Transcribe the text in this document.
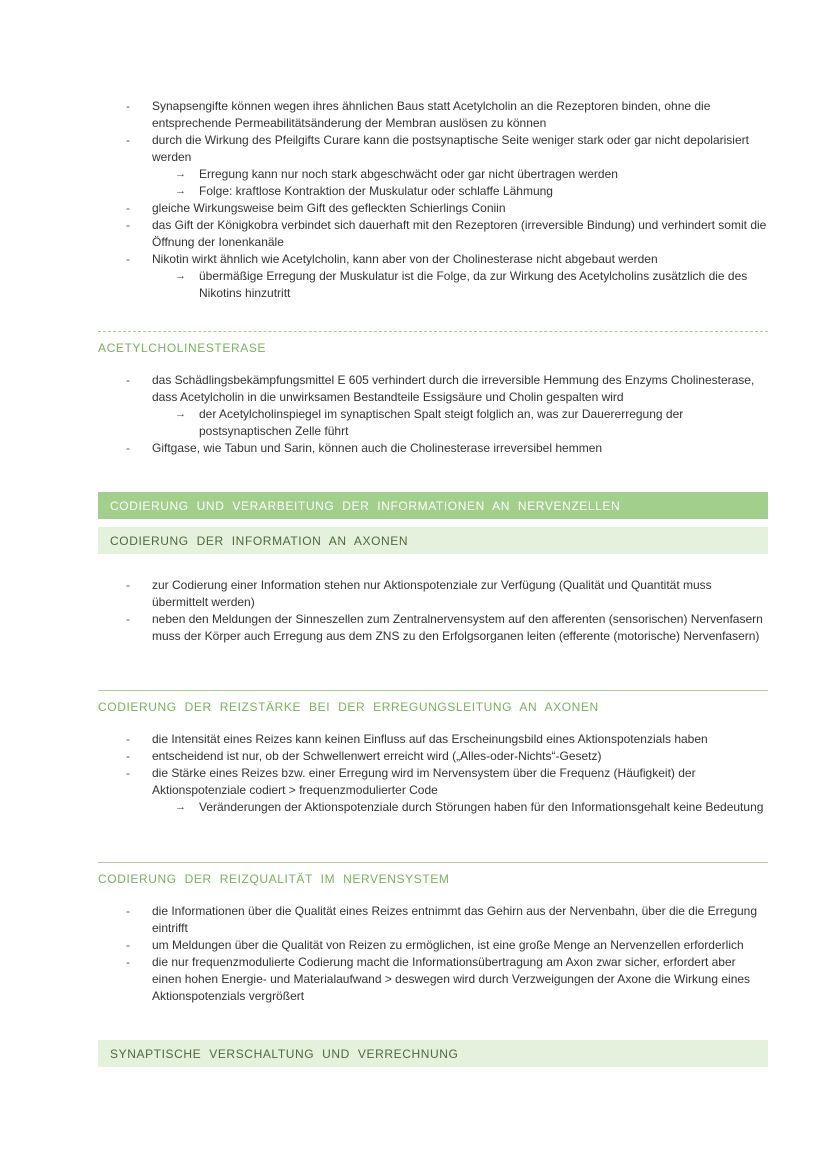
- Synapsengifte können wegen ihres ähnlichen Baus statt Acetylcholin an die Rezeptoren binden, ohne die entsprechende Permeabilitätsänderung der Membran auslösen zu können
- durch die Wirkung des Pfeilgifts Curare kann die postsynaptische Seite weniger stark oder gar nicht depolarisiert werden
→ Erregung kann nur noch stark abgeschwächt oder gar nicht übertragen werden
→ Folge: kraftlose Kontraktion der Muskulatur oder schlaffe Lähmung
- gleiche Wirkungsweise beim Gift des gefleckten Schierlings Coniin
- das Gift der Königkobra verbindet sich dauerhaft mit den Rezeptoren (irreversible Bindung) und verhindert somit die Öffnung der Ionenkanäle
- Nikotin wirkt ähnlich wie Acetylcholin, kann aber von der Cholinesterase nicht abgebaut werden
→ übermäßige Erregung der Muskulatur ist die Folge, da zur Wirkung des Acetylcholins zusätzlich die des Nikotins hinzutritt
ACETYLCHOLINESTERASE
- das Schädlingsbekämpfungsmittel E 605 verhindert durch die irreversible Hemmung des Enzyms Cholinesterase, dass Acetylcholin in die unwirksamen Bestandteile Essigsäure und Cholin gespalten wird
→ der Acetylcholinspiegel im synaptischen Spalt steigt folglich an, was zur Dauererregung der postsynaptischen Zelle führt
- Giftgase, wie Tabun und Sarin, können auch die Cholinesterase irreversibel hemmen
CODIERUNG UND VERARBEITUNG DER INFORMATIONEN AN NERVENZELLEN
CODIERUNG DER INFORMATION AN AXONEN
- zur Codierung einer Information stehen nur Aktionspotenziale zur Verfügung (Qualität und Quantität muss übermittelt werden)
- neben den Meldungen der Sinneszellen zum Zentralnervensystem auf den afferenten (sensorischen) Nervenfasern muss der Körper auch Erregung aus dem ZNS zu den Erfolgsorganen leiten (efferente (motorische) Nervenfasern)
CODIERUNG DER REIZSTÄRKE BEI DER ERREGUNGSLEITUNG AN AXONEN
- die Intensität eines Reizes kann keinen Einfluss auf das Erscheinungsbild eines Aktionspotenzials haben
- entscheidend ist nur, ob der Schwellenwert erreicht wird („Alles-oder-Nichts“-Gesetz)
- die Stärke eines Reizes bzw. einer Erregung wird im Nervensystem über die Frequenz (Häufigkeit) der Aktionspotenziale codiert > frequenzmodulierter Code
→ Veränderungen der Aktionspotenziale durch Störungen haben für den Informationsgehalt keine Bedeutung
CODIERUNG DER REIZQUALITÄT IM NERVENSYSTEM
- die Informationen über die Qualität eines Reizes entnimmt das Gehirn aus der Nervenbahn, über die die Erregung eintrifft
- um Meldungen über die Qualität von Reizen zu ermöglichen, ist eine große Menge an Nervenzellen erforderlich
- die nur frequenzmodulierte Codierung macht die Informationsübertragung am Axon zwar sicher, erfordert aber einen hohen Energie- und Materialaufwand > deswegen wird durch Verzweigungen der Axone die Wirkung eines Aktionspotenzials vergrößert
SYNAPTISCHE VERSCHALTUNG UND VERRECHNUNG
